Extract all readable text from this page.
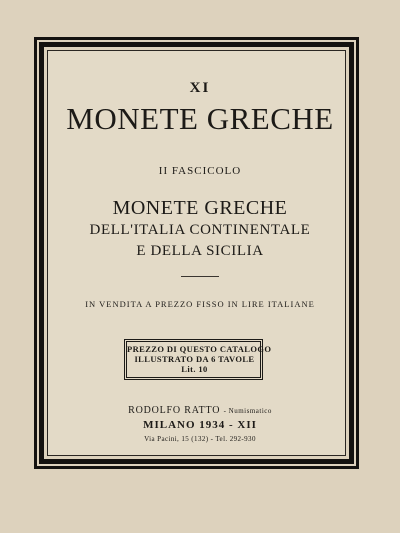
XI
MONETE GRECHE
II FASCICOLO
MONETE GRECHE
DELL'ITALIA CONTINENTALE
E DELLA SICILIA
IN VENDITA A PREZZO FISSO IN LIRE ITALIANE
PREZZO DI QUESTO CATALOGO
ILLUSTRATO DA 6 TAVOLE
Lit. 10
RODOLFO RATTO - Numismatico
MILANO 1934 - XII
Via Pacini, 15 (132) - Tel. 292-930
